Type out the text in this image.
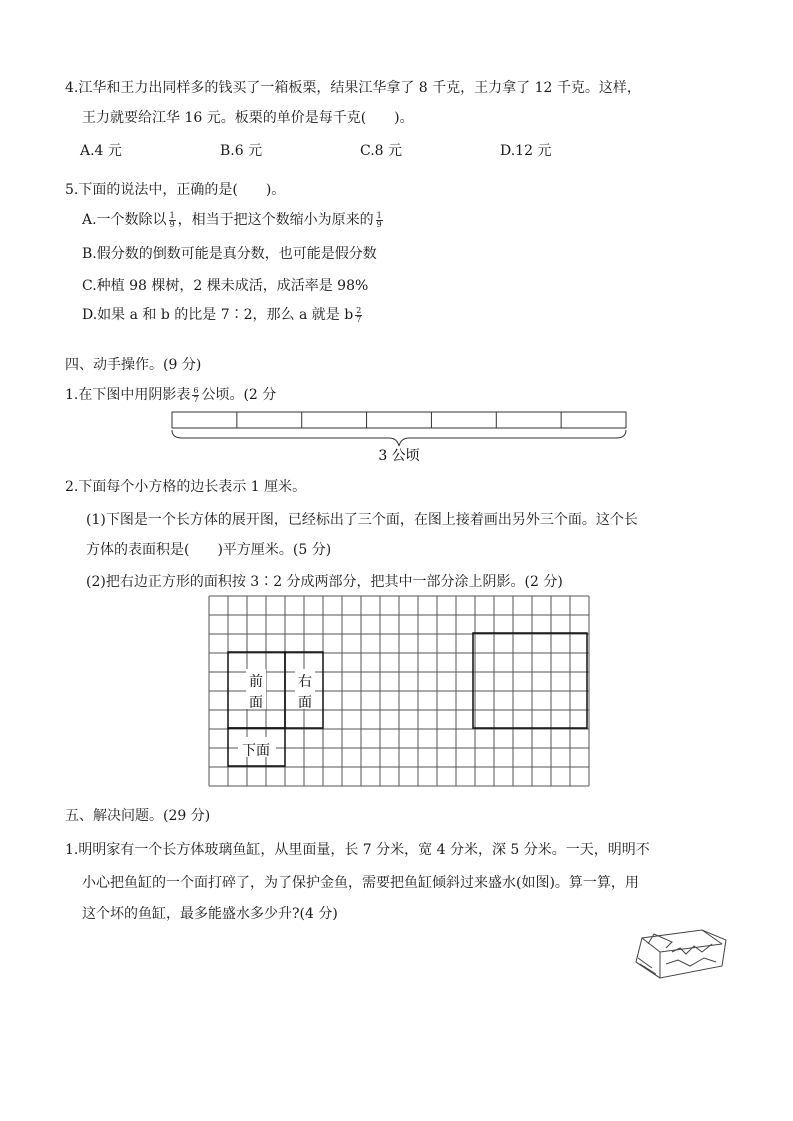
4.江华和王力出同样多的钱买了一箱板栗，结果江华拿了 8 千克，王力拿了 12 千克。这样，
王力就要给江华 16 元。板栗的单价是每千克(　　)。
A.4 元	B.6 元	C.8 元	D.12 元
5.下面的说法中，正确的是(　　)。
A.一个数除以 $\frac{1}{9}$ ，相当于把这个数缩小为原来的 $\frac{1}{9}$
B.假分数的倒数可能是真分数，也可能是假分数
C.种植 98 棵树，2 棵未成活，成活率是 98%
D.如果 a 和 b 的比是 7∶2，那么 a 就是 b $\frac{2}{7}$
四、动手操作。(9 分)
1.在下图中用阴影表 $\frac{6}{7}$ 公顷。(2 分
3 公顷
2.下面每个小方格的边长表示 1 厘米。
(1)下图是一个长方体的展开图，已经标出了三个面，在图上接着画出另外三个面。这个长
方体的表面积是(　　)平方厘米。(5 分)
(2)把右边正方形的面积按 3∶2 分成两部分，把其中一部分涂上阴影。(2 分)
前
面
右
面
下面
五、解决问题。(29 分)
1.明明家有一个长方体玻璃鱼缸，从里面量，长 7 分米，宽 4 分米，深 5 分米。一天，明明不
小心把鱼缸的一个面打碎了，为了保护金鱼，需要把鱼缸倾斜过来盛水(如图)。算一算，用
这个坏的鱼缸，最多能盛水多少升?(4 分)
